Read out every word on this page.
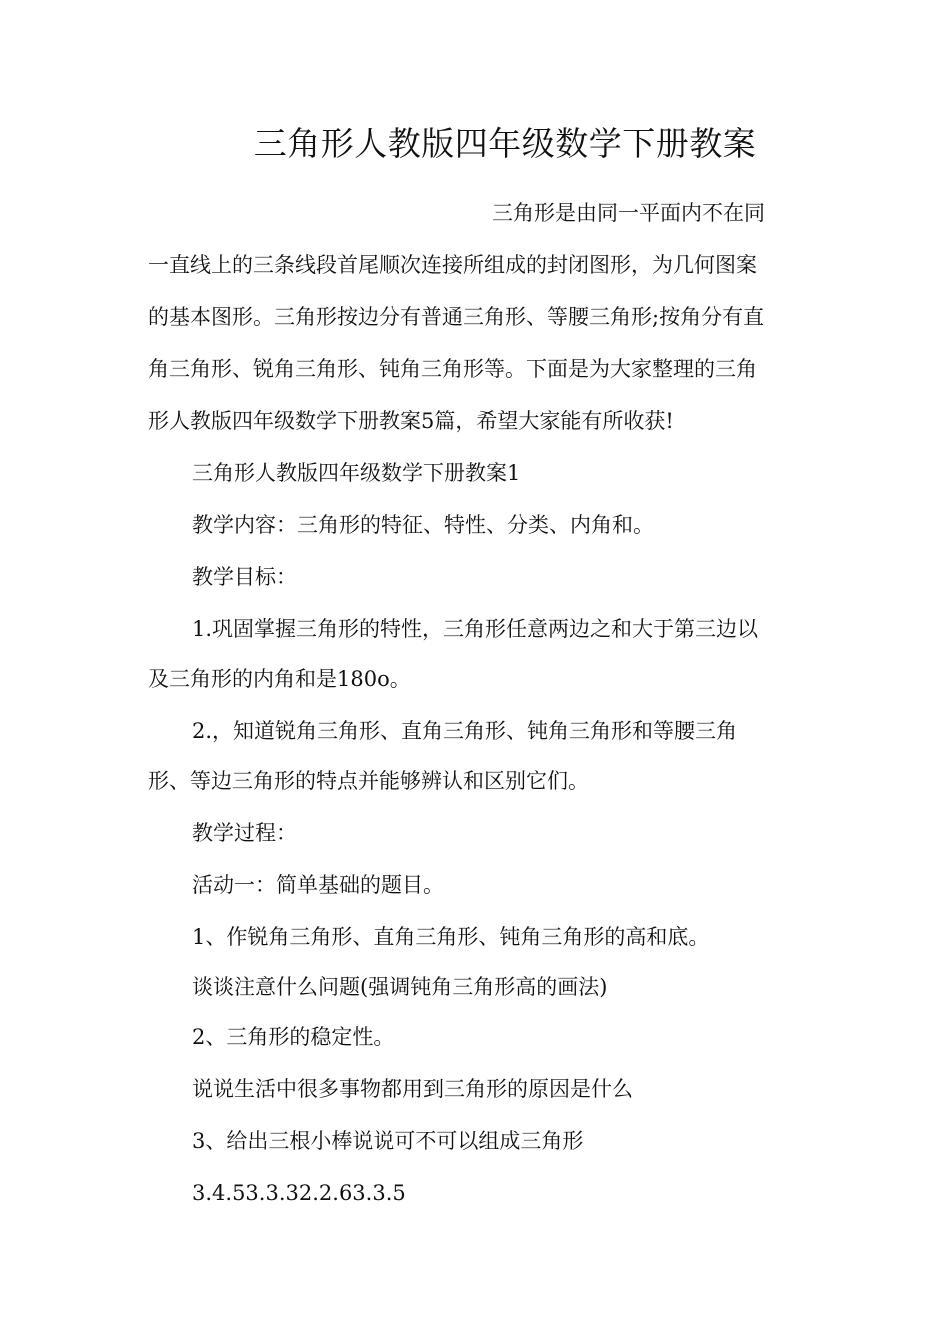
三角形人教版四年级数学下册教案
三角形是由同一平面内不在同
一直线上的三条线段首尾顺次连接所组成的封闭图形，为几何图案
的基本图形。三角形按边分有普通三角形、等腰三角形;按角分有直
角三角形、锐角三角形、钝角三角形等。下面是为大家整理的三角
形人教版四年级数学下册教案5篇，希望大家能有所收获!
三角形人教版四年级数学下册教案1
教学内容：三角形的特征、特性、分类、内角和。
教学目标：
1.巩固掌握三角形的特性，三角形任意两边之和大于第三边以
及三角形的内角和是180o。
2.，知道锐角三角形、直角三角形、钝角三角形和等腰三角
形、等边三角形的特点并能够辨认和区别它们。
教学过程：
活动一：简单基础的题目。
1、作锐角三角形、直角三角形、钝角三角形的高和底。
谈谈注意什么问题(强调钝角三角形高的画法)
2、三角形的稳定性。
说说生活中很多事物都用到三角形的原因是什么
3、给出三根小棒说说可不可以组成三角形
3.4.53.3.32.2.63.3.5
